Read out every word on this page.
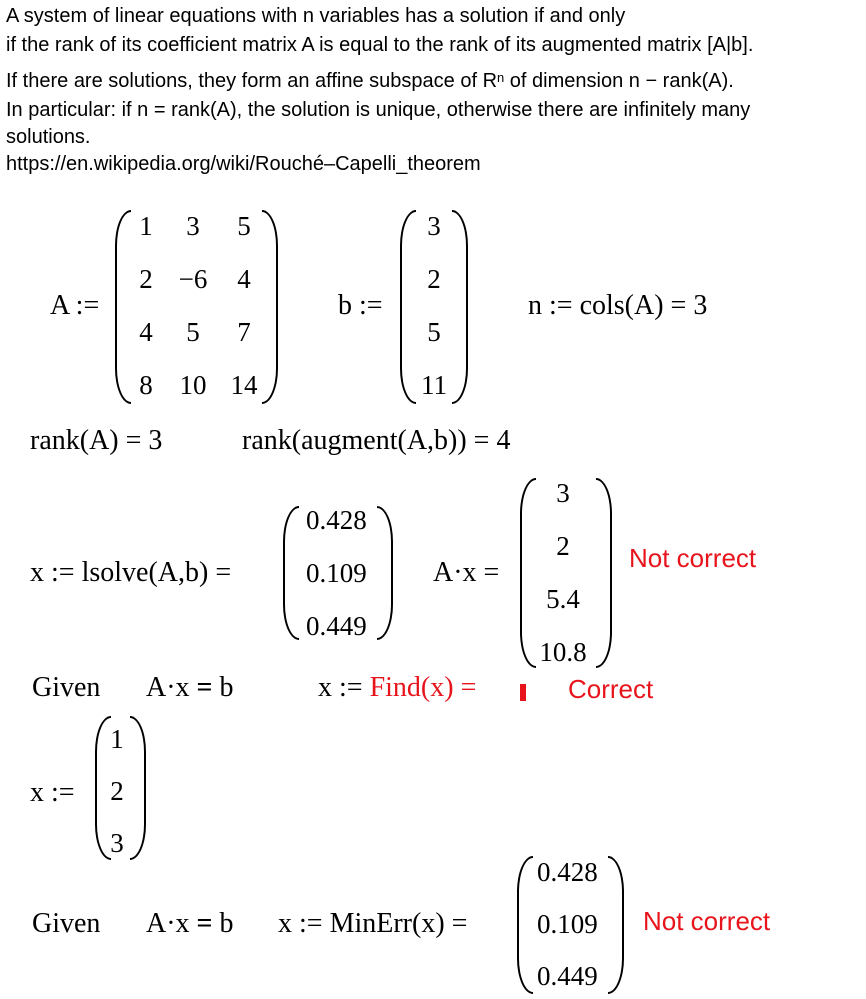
A system of linear equations with n variables has a solution if and only
if the rank of its coefficient matrix A is equal to the rank of its augmented matrix [A|b].
If there are solutions, they form an affine subspace of $R^n$ of dimension n − rank(A).
In particular: if n = rank(A), the solution is unique, otherwise there are infinitely many
solutions.
https://en.wikipedia.org/wiki/Rouché–Capelli_theorem
A :=
1	3	5
2 −6	4
4	5	7
8 10 14
b :=
3
2
5
11
n := cols(A) = 3
rank(A) = 3	rank(augment(A,b)) = 4
x := lsolve(A,b) =
0.428
0.109
0.449
A·x =
3
2
5.4
10.8
Not correct
Given A·x = b	x := Find(x) =	Correct
x :=
1
2
3
Given A·x = b x := MinErr(x) =
0.428
0.109
0.449
Not correct
